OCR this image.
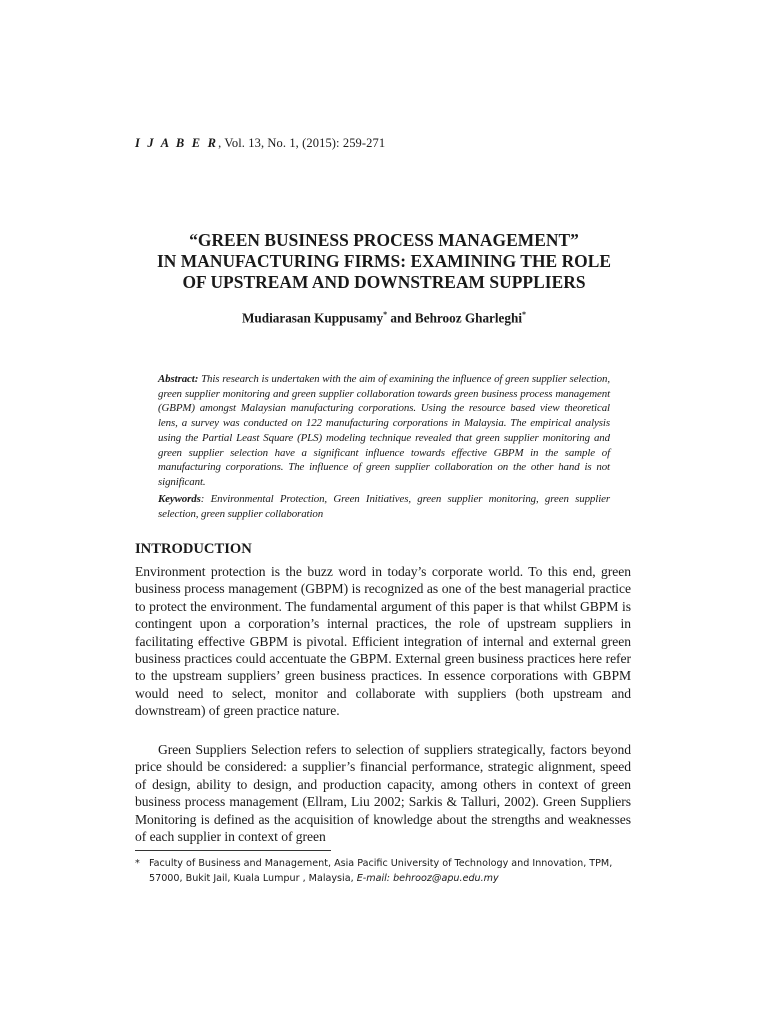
I J A B E R, Vol. 13, No. 1, (2015): 259-271
“GREEN BUSINESS PROCESS MANAGEMENT”
IN MANUFACTURING FIRMS: EXAMINING THE ROLE
OF UPSTREAM AND DOWNSTREAM SUPPLIERS
Mudiarasan Kuppusamy* and Behrooz Gharleghi*
Abstract: This research is undertaken with the aim of examining the influence of green supplier selection, green supplier monitoring and green supplier collaboration towards green business process management (GBPM) amongst Malaysian manufacturing corporations. Using the resource based view theoretical lens, a survey was conducted on 122 manufacturing corporations in Malaysia. The empirical analysis using the Partial Least Square (PLS) modeling technique revealed that green supplier monitoring and green supplier selection have a significant influence towards effective GBPM in the sample of manufacturing corporations. The influence of green supplier collaboration on the other hand is not significant.
Keywords: Environmental Protection, Green Initiatives, green supplier monitoring, green supplier selection, green supplier collaboration
INTRODUCTION
Environment protection is the buzz word in today’s corporate world. To this end, green business process management (GBPM) is recognized as one of the best managerial practice to protect the environment. The fundamental argument of this paper is that whilst GBPM is contingent upon a corporation’s internal practices, the role of upstream suppliers in facilitating effective GBPM is pivotal. Efficient integration of internal and external green business practices could accentuate the GBPM. External green business practices here refer to the upstream suppliers’ green business practices. In essence corporations with GBPM would need to select, monitor and collaborate with suppliers (both upstream and downstream) of green practice nature.
Green Suppliers Selection refers to selection of suppliers strategically, factors beyond price should be considered: a supplier’s financial performance, strategic alignment, speed of design, ability to design, and production capacity, among others in context of green business process management (Ellram, Liu 2002; Sarkis & Talluri, 2002). Green Suppliers Monitoring is defined as the acquisition of knowledge about the strengths and weaknesses of each supplier in context of green
* Faculty of Business and Management, Asia Pacific University of Technology and Innovation, TPM, 57000, Bukit Jail, Kuala Lumpur , Malaysia, E-mail: behrooz@apu.edu.my
